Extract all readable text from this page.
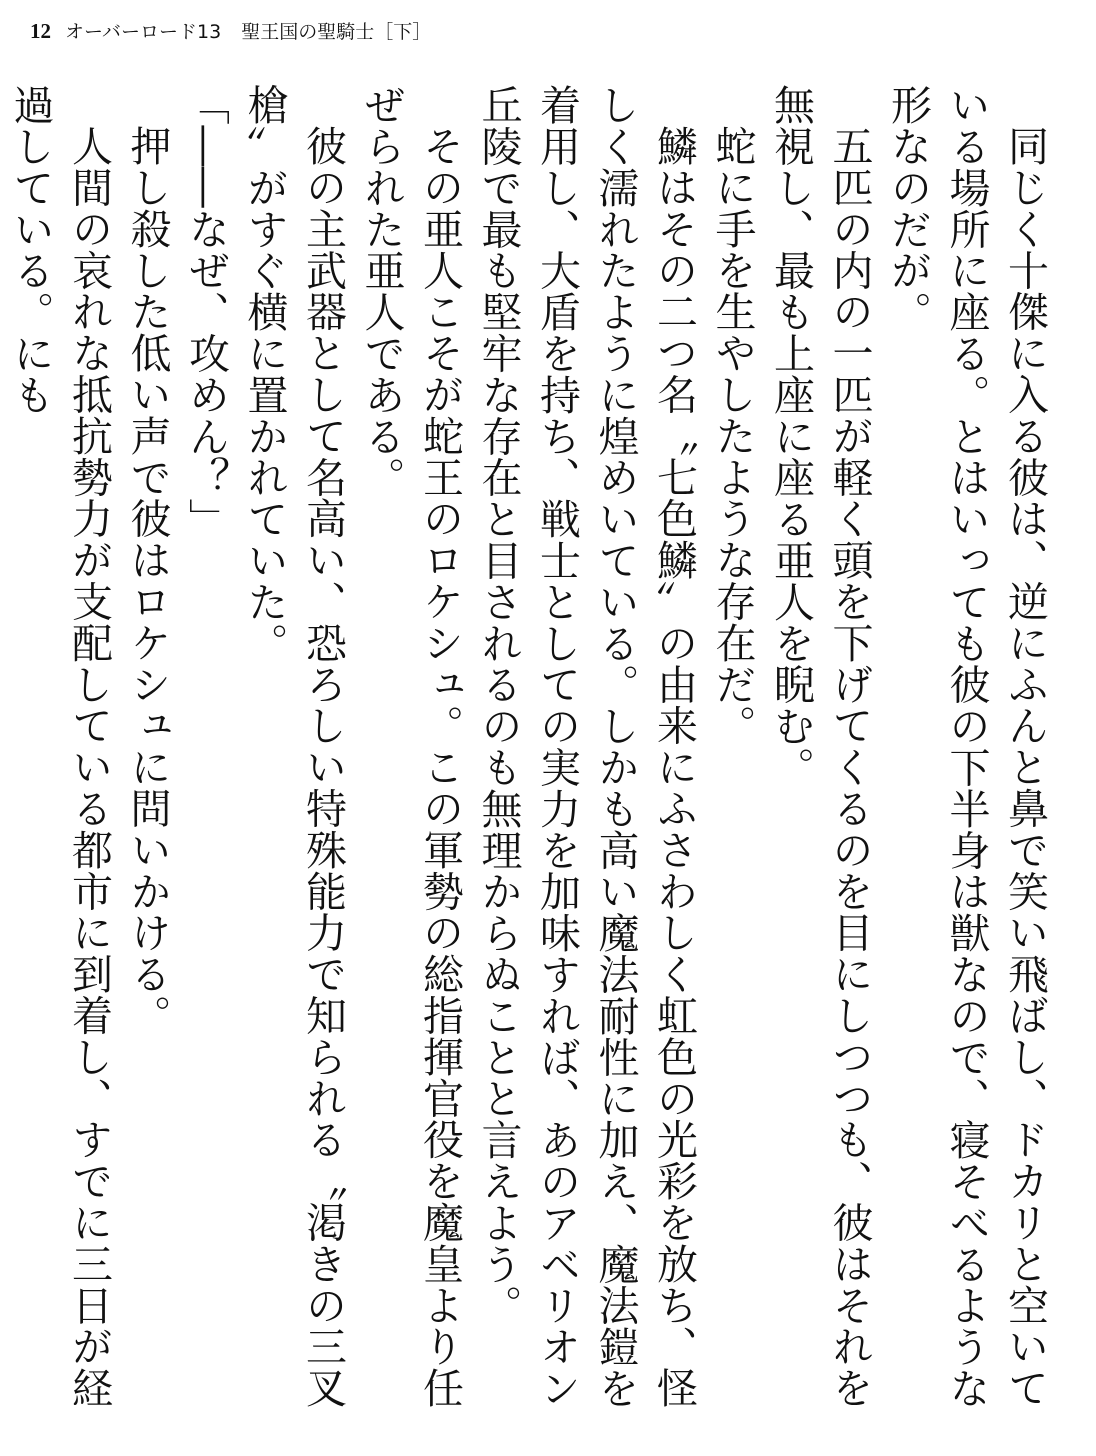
12 オーバーロード13 聖王国の聖騎士［下］

同じく十傑に入る彼は、逆にふんと鼻で笑い飛ばし、ドカリと空いている場所に座る。とはいっても彼の下半身は獣なので、寝そべるような形なのだが。

五匹の内の一匹が軽く頭を下げてくるのを目にしつつも、彼はそれを無視し、最も上座に座る亜人を睨む。

蛇に手を生やしたような存在だ。

鱗はその二つ名〝七色鱗〟の由来にふさわしく虹色の光彩を放ち、怪しく濡れたように煌めいている。しかも高い魔法耐性に加え、魔法鎧を着用し、大盾を持ち、戦士としての実力を加味すれば、あのアベリオン丘陵で最も堅牢な存在と目されるのも無理からぬことと言えよう。

その亜人こそが蛇王のロケシュ。この軍勢の総指揮官役を魔皇より任ぜられた亜人である。

彼の主武器として名高い、恐ろしい特殊能力で知られる〝渇きの三叉槍〟がすぐ横に置かれていた。

「――なぜ、攻めん？」

押し殺した低い声で彼はロケシュに問いかける。

人間の哀れな抵抗勢力が支配している都市に到着し、すでに三日が経過している。にも
